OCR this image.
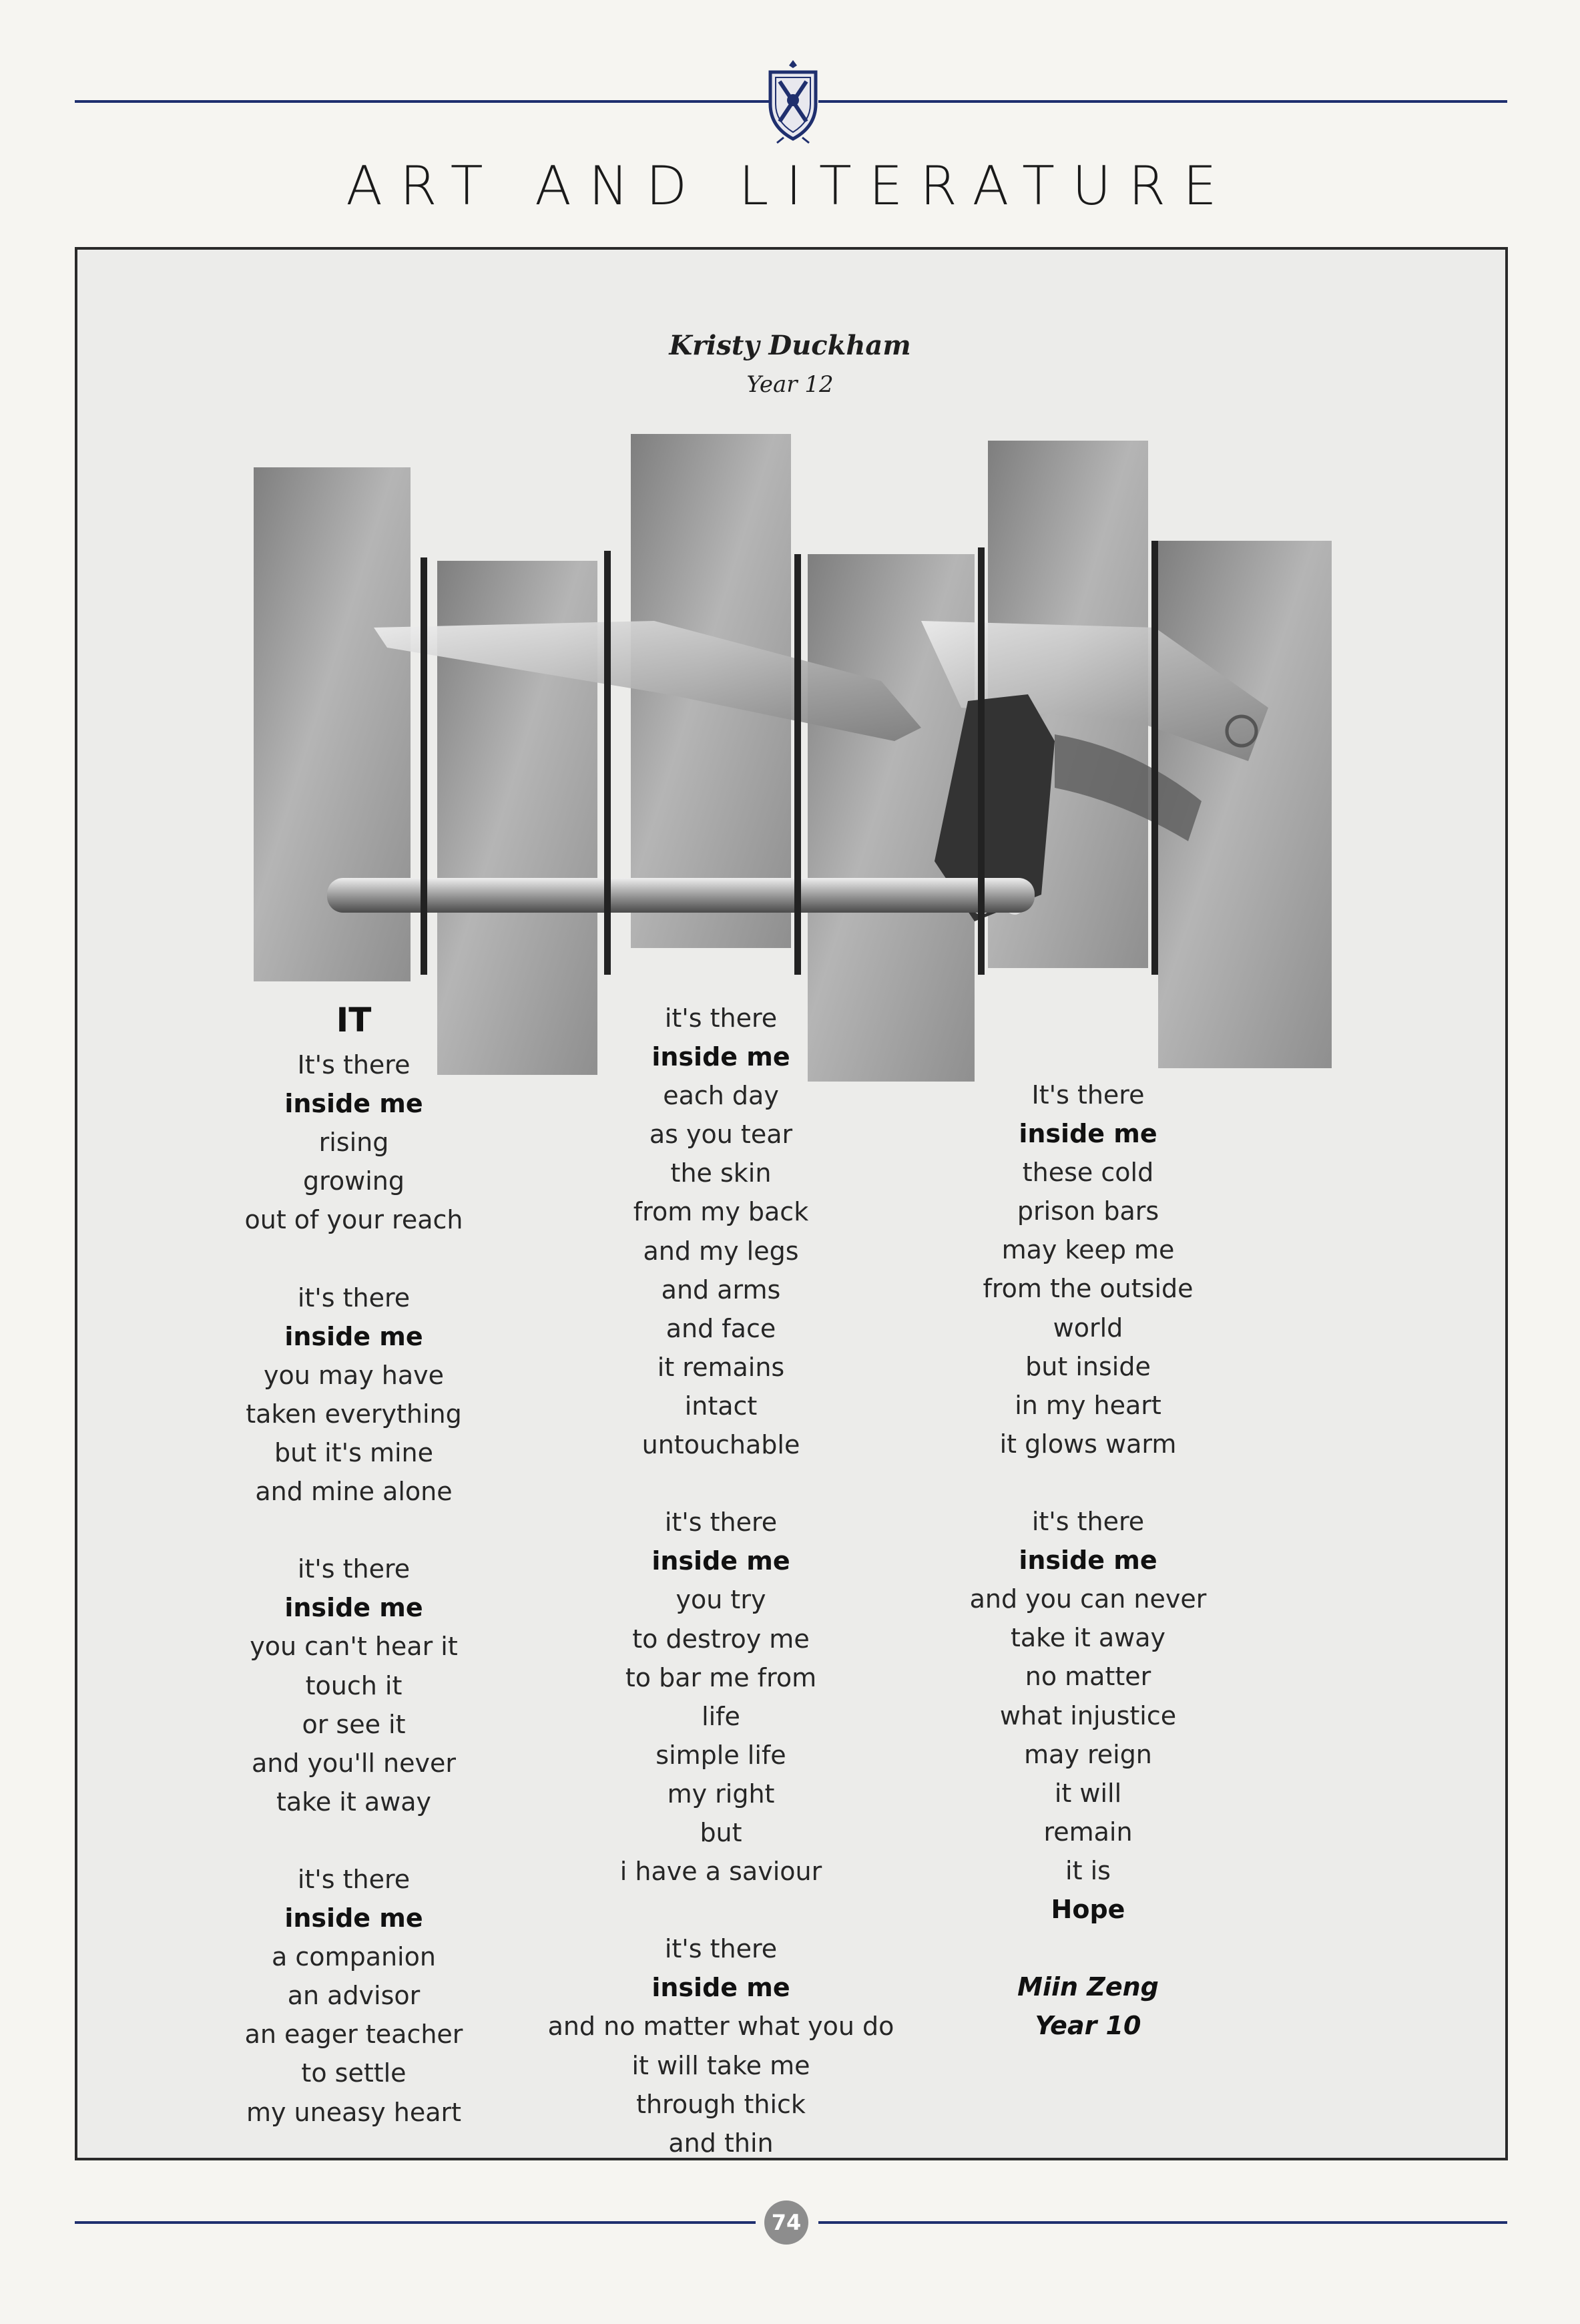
ART AND LITERATURE
Kristy Duckham
Year 12
IT
It's there
inside me
rising
growing
out of your reach
it's there
inside me
you may have
taken everything
but it's mine
and mine alone
it's there
inside me
you can't hear it
touch it
or see it
and you'll never
take it away
it's there
inside me
a companion
an advisor
an eager teacher
to settle
my uneasy heart
it's there
inside me
each day
as you tear
the skin
from my back
and my legs
and arms
and face
it remains
intact
untouchable
it's there
inside me
you try
to destroy me
to bar me from
life
simple life
my right
but
i have a saviour
it's there
inside me
and no matter what you do
it will take me
through thick
and thin
It's there
inside me
these cold
prison bars
may keep me
from the outside
world
but inside
in my heart
it glows warm
it's there
inside me
and you can never
take it away
no matter
what injustice
may reign
it will
remain
it is
Hope
Miin Zeng
Year 10
74
